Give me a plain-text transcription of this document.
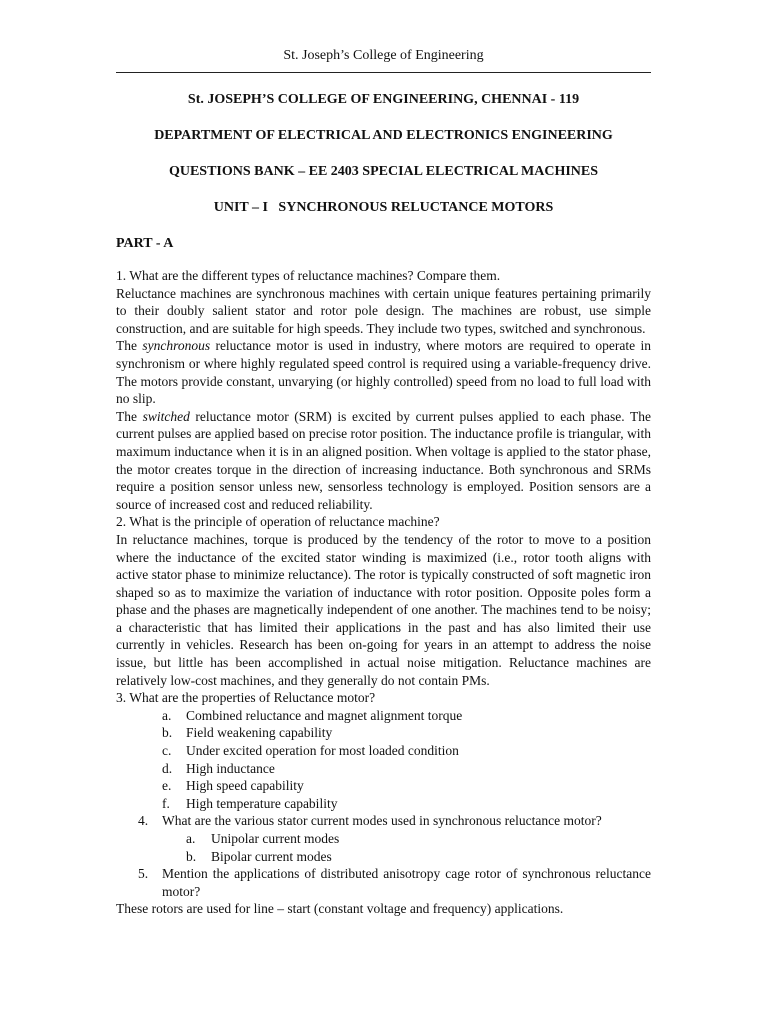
St. Joseph’s College of Engineering

St. JOSEPH’S COLLEGE OF ENGINEERING, CHENNAI - 119

DEPARTMENT OF ELECTRICAL AND ELECTRONICS ENGINEERING

QUESTIONS BANK – EE 2403 SPECIAL ELECTRICAL MACHINES

UNIT – I   SYNCHRONOUS RELUCTANCE MOTORS

PART - A

1. What are the different types of reluctance machines? Compare them.

Reluctance machines are synchronous machines with certain unique features pertaining primarily to their doubly salient stator and rotor pole design. The machines are robust, use simple construction, and are suitable for high speeds. They include two types, switched and synchronous.

The synchronous reluctance motor is used in industry, where motors are required to operate in synchronism or where highly regulated speed control is required using a variable-frequency drive. The motors provide constant, unvarying (or highly controlled) speed from no load to full load with no slip.

The switched reluctance motor (SRM) is excited by current pulses applied to each phase. The current pulses are applied based on precise rotor position. The inductance profile is triangular, with maximum inductance when it is in an aligned position. When voltage is applied to the stator phase, the motor creates torque in the direction of increasing inductance. Both synchronous and SRMs require a position sensor unless new, sensorless technology is employed. Position sensors are a source of increased cost and reduced reliability.

2. What is the principle of operation of reluctance machine?

In reluctance machines, torque is produced by the tendency of the rotor to move to a position where the inductance of the excited stator winding is maximized (i.e., rotor tooth aligns with active stator phase to minimize reluctance). The rotor is typically constructed of soft magnetic iron shaped so as to maximize the variation of inductance with rotor position. Opposite poles form a phase and the phases are magnetically independent of one another. The machines tend to be noisy; a characteristic that has limited their applications in the past and has also limited their use currently in vehicles. Research has been on-going for years in an attempt to address the noise issue, but little has been accomplished in actual noise mitigation. Reluctance machines are relatively low-cost machines, and they generally do not contain PMs.

3. What are the properties of Reluctance motor?

a. Combined reluctance and magnet alignment torque
b. Field weakening capability
c. Under excited operation for most loaded condition
d. High inductance
e. High speed capability
f. High temperature capability
4. What are the various stator current modes used in synchronous reluctance motor?
a. Unipolar current modes
b. Bipolar current modes
5. Mention the applications of distributed anisotropy cage rotor of synchronous reluctance motor?

These rotors are used for line – start (constant voltage and frequency) applications.
